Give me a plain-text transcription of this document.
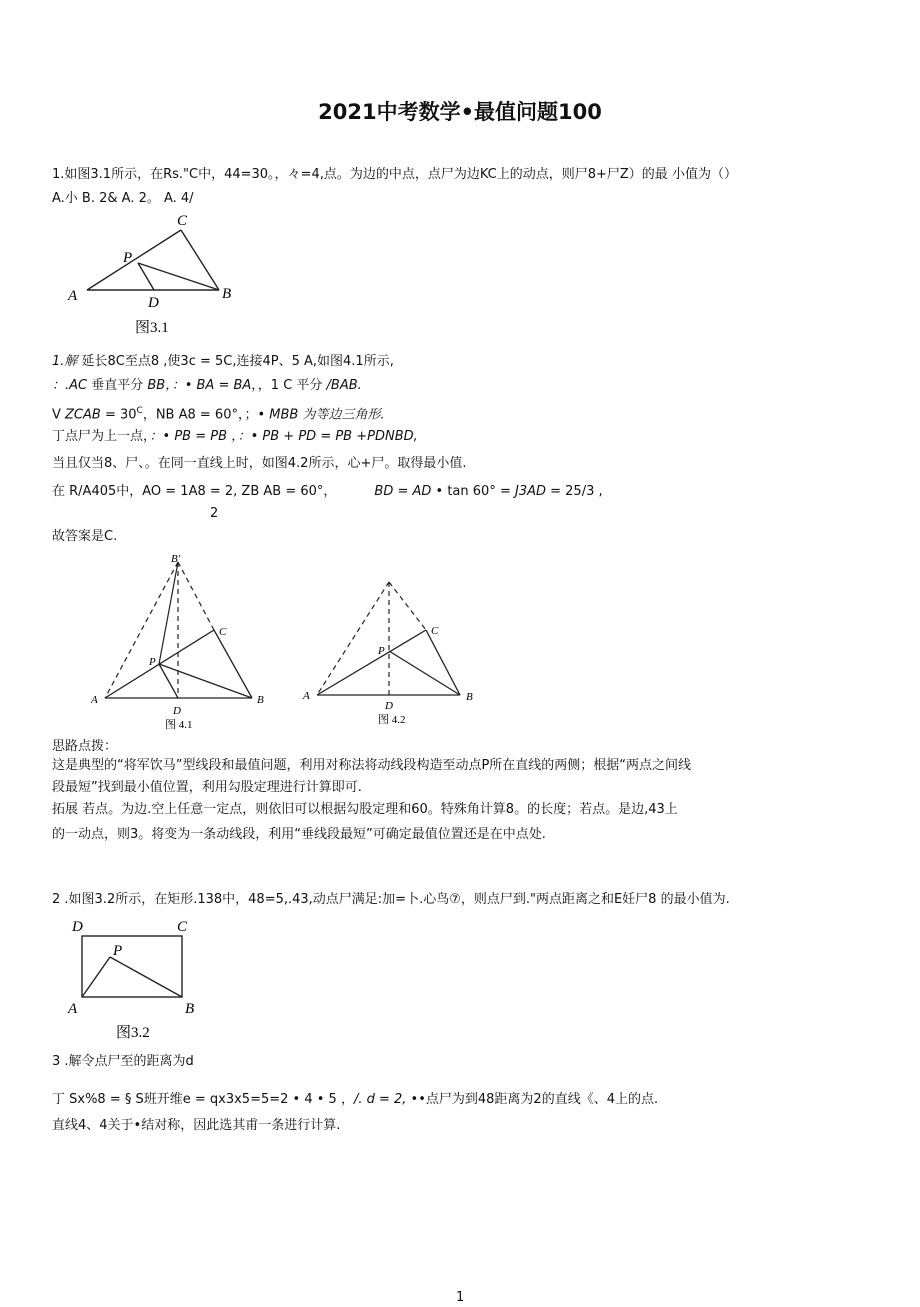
2021中考数学•最值问题100
1.如图3.1所示，在Rs."C中，44=30。，々=4,点。为边的中点，点尸为边KC上的动点，则尸8+尸Z）的最 小值为（）
A.小 B. 2& A. 2。 A. 4/
A	B
C
D
P
图3.1
1.解 延长8C至点8 ,使3c = 5C,连接4P、5 A,如图4.1所示,
：.AC 垂直平分 BB，：• BA = BA，，1 C 平分 /BAB.
V ZCAB = $30^C$，NB A8 = 60°，；• MBB 为等边三角形.
丁点尸为上一点，：• PB = PB ，：• PB + PD = PB +PDNBD,
当且仅当8、尸、。在同一直线上时，如图4.2所示，心+尸。取得最小值.
在 R/A405中，AO = 1A8 = 2, ZB AB = 60°，	BD = AD • tan 60° = J3AD = 25/3 ,
2
故答案是C.
B'
A	B
C
D
P
图 4.1
A	B
C
D
P
图 4.2
思路点拨：
这是典型的“将军饮马”型线段和最值问题，利用对称法将动线段构造至动点P所在直线的两侧；根据“两点之间线
段最短”找到最小值位置，利用勾股定理进行计算即可.
拓展 若点。为边.空上任意一定点，则依旧可以根据勾股定理和60。特殊角计算8。的长度；若点。是边,43上
的一动点，则3。将变为一条动线段，利用“垂线段最短”可确定最值位置还是在中点处.
2 .如图3.2所示，在矩形.138中，48=5,.43,动点尸满足:加=卜.心鸟⑦，则点尸到."两点距离之和E妊尸8 的最小值为.
D	C
A	B
P
图3.2
3 .解令点尸至的距离为d
丁 Sx%8 = § S班开维e = qx3x5=5=2 • 4 • 5 ，/. d = 2, ••点尸为到48距离为2的直线《、4上的点.
直线4、4关于•结对称，因此选其甫一条进行计算.
1
